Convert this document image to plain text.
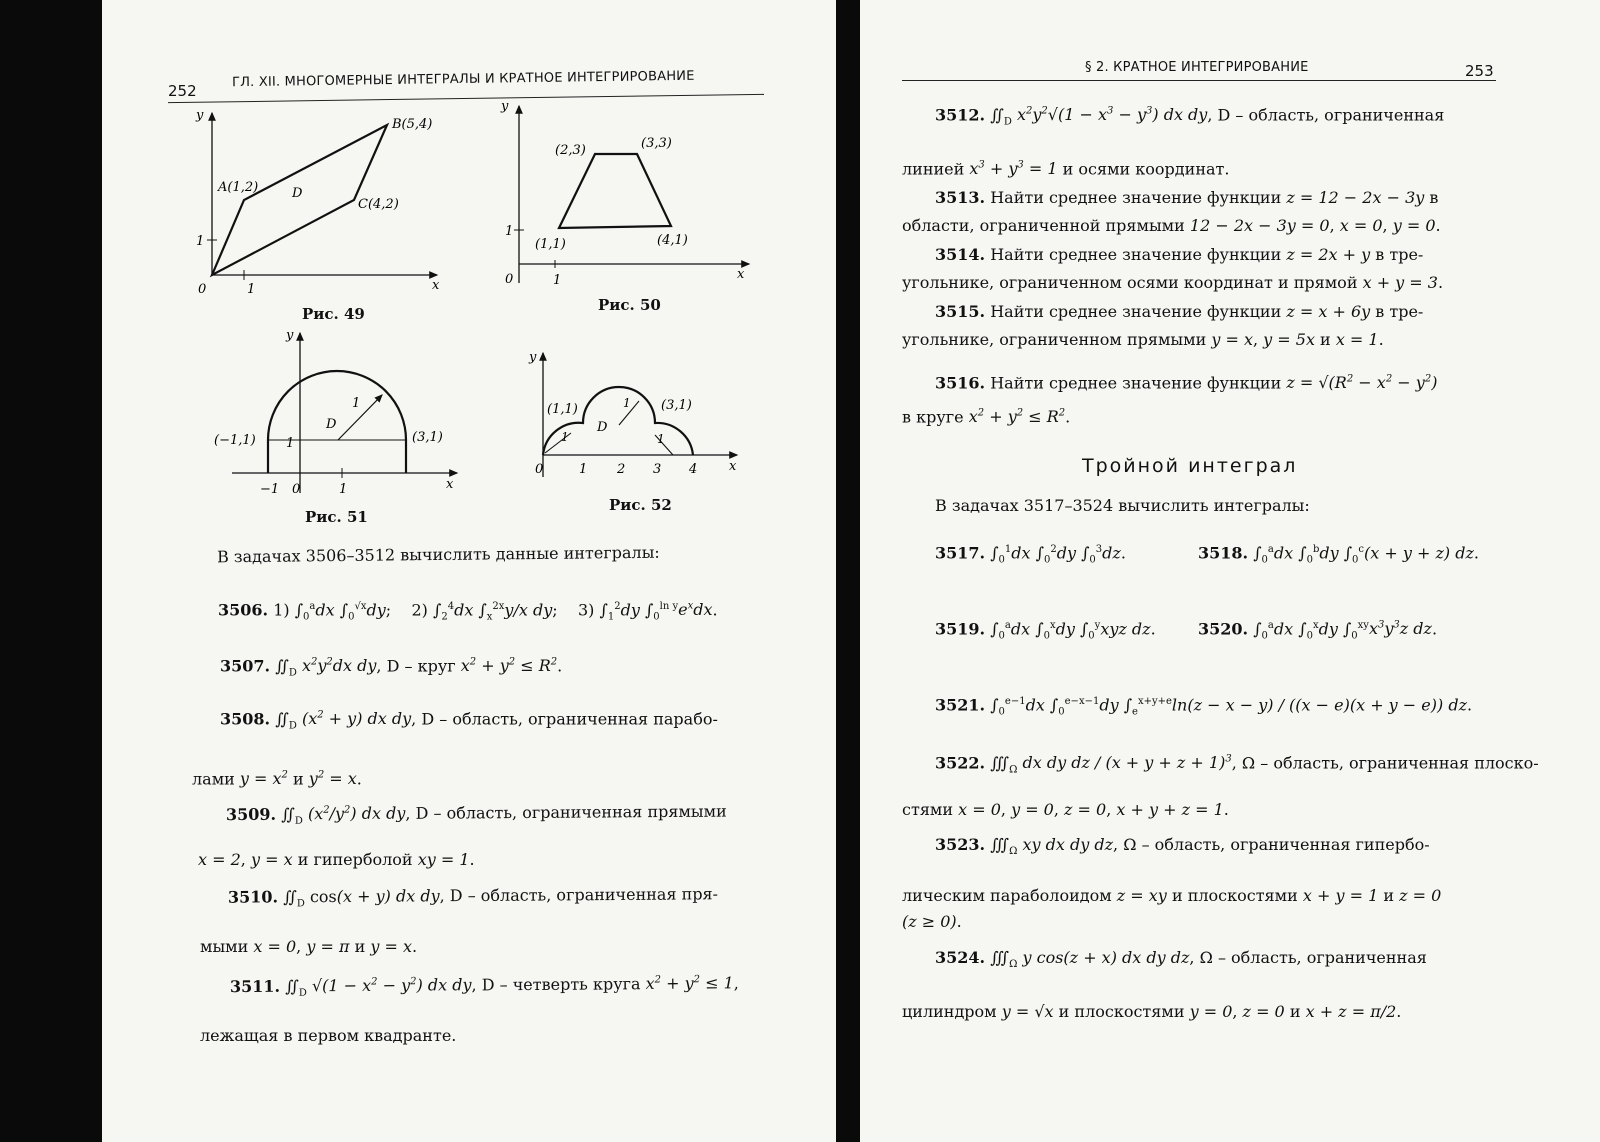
252
ГЛ. XII. МНОГОМЕРНЫЕ ИНТЕГРАЛЫ И КРАТНОЕ ИНТЕГРИРОВАНИЕ
y
x
0	1
1
A(1,2)
B(5,4)
C(4,2)
D
Рис. 49
y
x
0	1
1
(2,3)	(3,3)
(1,1)	(4,1)
Рис. 50
y
x
0
−1	1
(−1,1)	(3,1)
1
D
1
Рис. 51
y
x
0	1 2 3 4
(1,1)	(3,1)
D
1
1
1
Рис. 52
В задачах 3506–3512 вычислить данные интегралы:
3506. 1) $\int_0^adx$ $\int_0^{√x}dy$;    2) $\int_2^4dx$ $\int_x^{2x}y/x$ dy;    3) $\int_1^2dy$ $\int_0^{ln y}e^xdx$.
3507. $∬_D$ $x^2y^2dx$ dy, D – круг $x^2 + y^2 \le R^2$.
3508. $∬_D$ $(x^2 + y)$ dx dy, D – область, ограниченная парабо-
лами $y = x^2$ и $y^2 = x$.
3509. $∬_D$ $(x^2/y^2)$ dx dy, D – область, ограниченная прямыми
x = 2, y = x и гиперболой xy = 1.
3510. $∬_D$ cos(x + y) dx dy, D – область, ограниченная пря-
мыми x = 0, y = π и y = x.
3511. $∬_D$ $√(1 - x^2 - y^2)$ dx dy, D – четверть круга $x^2 + y^2 \le 1$,
лежащая в первом квадранте.
§ 2. КРАТНОЕ ИНТЕГРИРОВАНИЕ	253
3512. $∬_D$ $x^2y^2√(1 - x^3 - y^3)$ dx dy, D – область, ограниченная
линией $x^3 + y^3 = 1$ и осями координат.
3513. Найти среднее значение функции z = 12 − 2x − 3y в
области, ограниченной прямыми 12 − 2x − 3y = 0, x = 0, y = 0.
3514. Найти среднее значение функции z = 2x + y в тре-
угольнике, ограниченном осями координат и прямой x + y = 3.
3515. Найти среднее значение функции z = x + 6y в тре-
угольнике, ограниченном прямыми y = x, y = 5x и x = 1.
3516. Найти среднее значение функции $z = √(R^2 - x^2 - y^2)$
в круге $x^2 + y^2 \le R^2$.
Тройной интеграл
В задачах 3517–3524 вычислить интегралы:
3517. $\int_0^1dx$ $\int_0^2dy$ $\int_0^3dz$.	3518. $\int_0^adx$ $\int_0^bdy$ $\int_0^c(x + y + z)$ dz.
3519. $\int_0^adx$ $\int_0^xdy$ $\int_0^yxyz$ dz.	3520. $\int_0^adx$ $\int_0^xdy$ $\int_0^{xy}x^3y^3z$ dz.
3521. $\int_0^{e-1}dx$ $\int_0^{e-x-1}dy$ $\int_e^{x+y+e}\ln(z - x - y) / ((x - e)(x + y - e))$ dz.
3522. $∭_\Omega$ dx dy dz / $(x + y + z + 1)^3$, Ω – область, ограниченная плоско-
стями x = 0, y = 0, z = 0, x + y + z = 1.
3523. $∭_\Omega$ xy dx dy dz, Ω – область, ограниченная гипербо-
лическим параболоидом z = xy и плоскостями x + y = 1 и z = 0
(z ≥ 0).
3524. $∭_\Omega$ y cos(z + x) dx dy dz, Ω – область, ограниченная
цилиндром y = √x и плоскостями y = 0, z = 0 и x + z = π/2.
